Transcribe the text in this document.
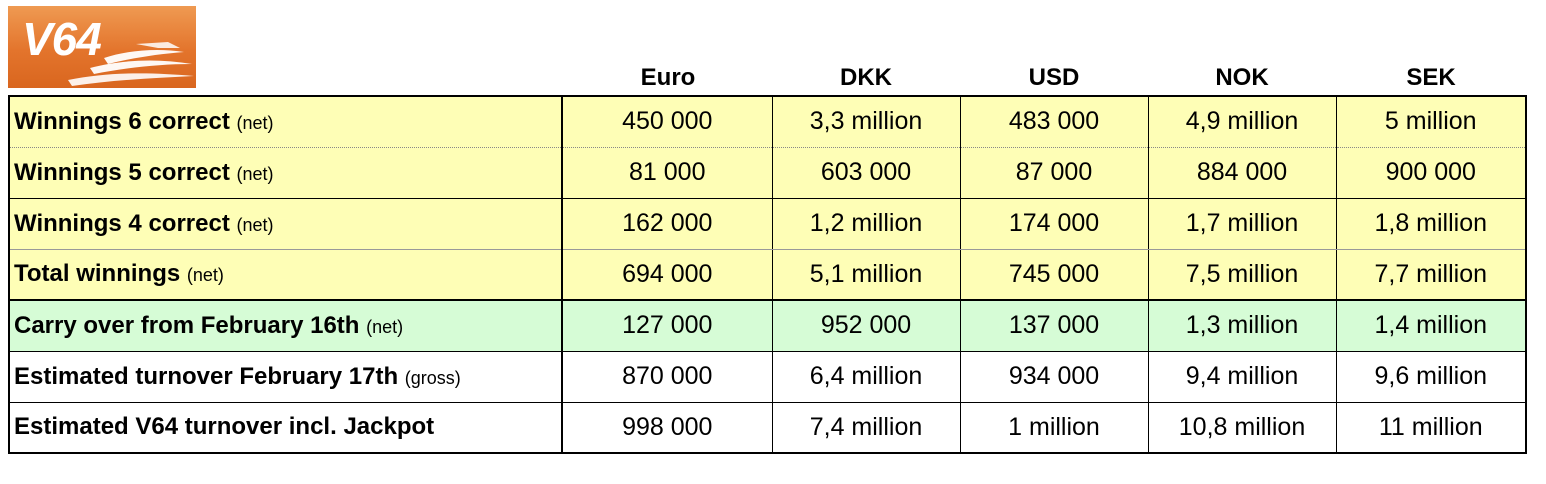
V64
Euro	DKK	USD	NOK	SEK
Winnings 6 correct (net)	450 000	3,3 million	483 000	4,9 million	5 million
Winnings 5 correct (net)	81 000	603 000	87 000	884 000	900 000
Winnings 4 correct (net)	162 000	1,2 million	174 000	1,7 million	1,8 million
Total winnings (net)	694 000	5,1 million	745 000	7,5 million	7,7 million
Carry over from February 16th (net)	127 000	952 000	137 000	1,3 million	1,4 million
Estimated turnover February 17th (gross)	870 000	6,4 million	934 000	9,4 million	9,6 million
Estimated V64 turnover incl. Jackpot	998 000	7,4 million	1 million	10,8 million	11 million
